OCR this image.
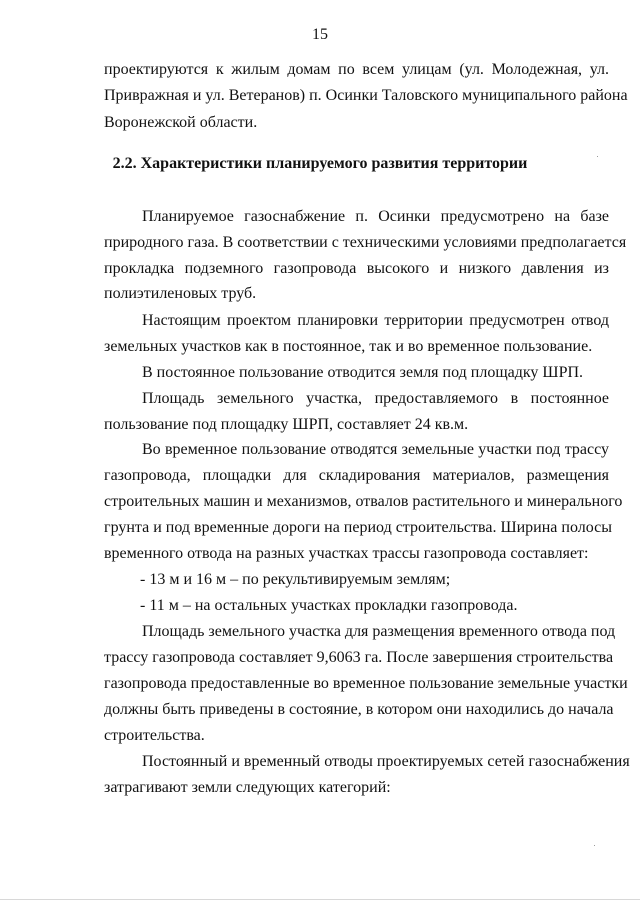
15
проектируются к жилым домам по всем улицам (ул. Молодежная, ул.
Привражная и ул. Ветеранов) п. Осинки Таловского муниципального района
Воронежской области.
2.2. Характеристики планируемого развития территории
Планируемое газоснабжение п. Осинки предусмотрено на базе
природного газа. В соответствии с техническими условиями предполагается
прокладка подземного газопровода высокого и низкого давления из
полиэтиленовых труб.
Настоящим проектом планировки территории предусмотрен отвод
земельных участков как в постоянное, так и во временное пользование.
В постоянное пользование отводится земля под площадку ШРП.
Площадь земельного участка, предоставляемого в постоянное
пользование под площадку ШРП, составляет 24 кв.м.
Во временное пользование отводятся земельные участки под трассу
газопровода, площадки для складирования материалов, размещения
строительных машин и механизмов, отвалов растительного и минерального
грунта и под временные дороги на период строительства. Ширина полосы
временного отвода на разных участках трассы газопровода составляет:
- 13 м и 16 м – по рекультивируемым землям;
- 11 м – на остальных участках прокладки газопровода.
Площадь земельного участка для размещения временного отвода под
трассу газопровода составляет 9,6063 га. После завершения строительства
газопровода предоставленные во временное пользование земельные участки
должны быть приведены в состояние, в котором они находились до начала
строительства.
Постоянный и временный отводы проектируемых сетей газоснабжения
затрагивают земли следующих категорий:
